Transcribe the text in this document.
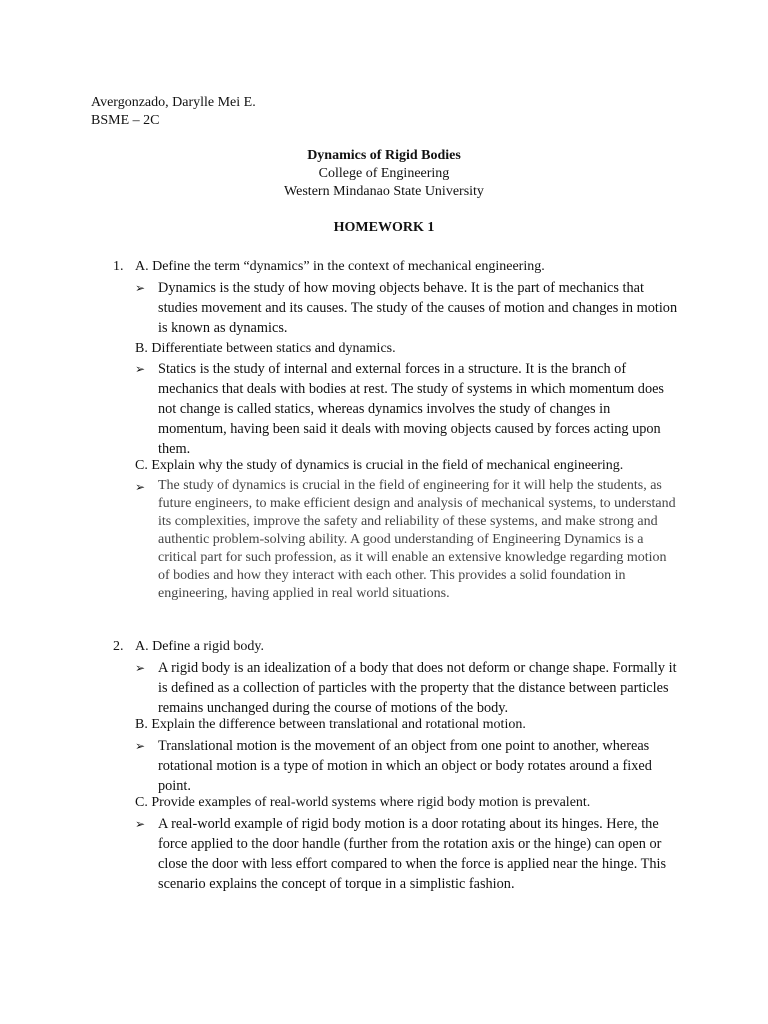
Avergonzado, Darylle Mei E.
BSME – 2C
Dynamics of Rigid Bodies
College of Engineering
Western Mindanao State University
HOMEWORK 1
1. A. Define the term “dynamics” in the context of mechanical engineering.
➢ Dynamics is the study of how moving objects behave. It is the part of mechanics that studies movement and its causes. The study of the causes of motion and changes in motion is known as dynamics.
B. Differentiate between statics and dynamics.
➢ Statics is the study of internal and external forces in a structure. It is the branch of mechanics that deals with bodies at rest. The study of systems in which momentum does not change is called statics, whereas dynamics involves the study of changes in momentum, having been said it deals with moving objects caused by forces acting upon them.
C. Explain why the study of dynamics is crucial in the field of mechanical engineering.
➢ The study of dynamics is crucial in the field of engineering for it will help the students, as future engineers, to make efficient design and analysis of mechanical systems, to understand its complexities, improve the safety and reliability of these systems, and make strong and authentic problem-solving ability. A good understanding of Engineering Dynamics is a critical part for such profession, as it will enable an extensive knowledge regarding motion of bodies and how they interact with each other. This provides a solid foundation in engineering, having applied in real world situations.
2. A. Define a rigid body.
➢ A rigid body is an idealization of a body that does not deform or change shape. Formally it is defined as a collection of particles with the property that the distance between particles remains unchanged during the course of motions of the body.
B. Explain the difference between translational and rotational motion.
➢ Translational motion is the movement of an object from one point to another, whereas rotational motion is a type of motion in which an object or body rotates around a fixed point.
C. Provide examples of real-world systems where rigid body motion is prevalent.
➢ A real-world example of rigid body motion is a door rotating about its hinges. Here, the force applied to the door handle (further from the rotation axis or the hinge) can open or close the door with less effort compared to when the force is applied near the hinge. This scenario explains the concept of torque in a simplistic fashion.
